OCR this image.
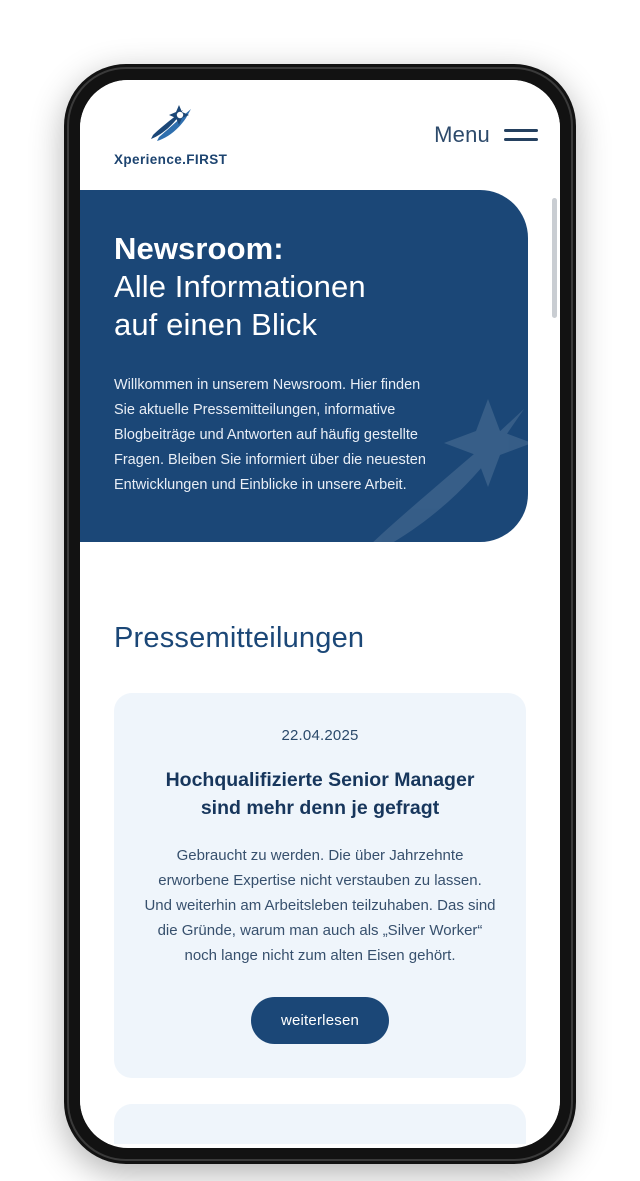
Xperience.FIRST
Menu
Newsroom:
Alle Informationen
auf einen Blick

Willkommen in unserem Newsroom. Hier finden Sie aktuelle Pressemitteilungen, informative Blogbeiträge und Antworten auf häufig gestellte Fragen. Bleiben Sie informiert über die neuesten Entwicklungen und Einblicke in unsere Arbeit.

Pressemitteilungen
22.04.2025
Hochqualifizierte Senior Manager
sind mehr denn je gefragt
Gebraucht zu werden. Die über Jahrzehnte erworbene Expertise nicht verstauben zu lassen. Und weiterhin am Arbeitsleben teilzuhaben. Das sind die Gründe, warum man auch als „Silver Worker“ noch lange nicht zum alten Eisen gehört.
weiterlesen
